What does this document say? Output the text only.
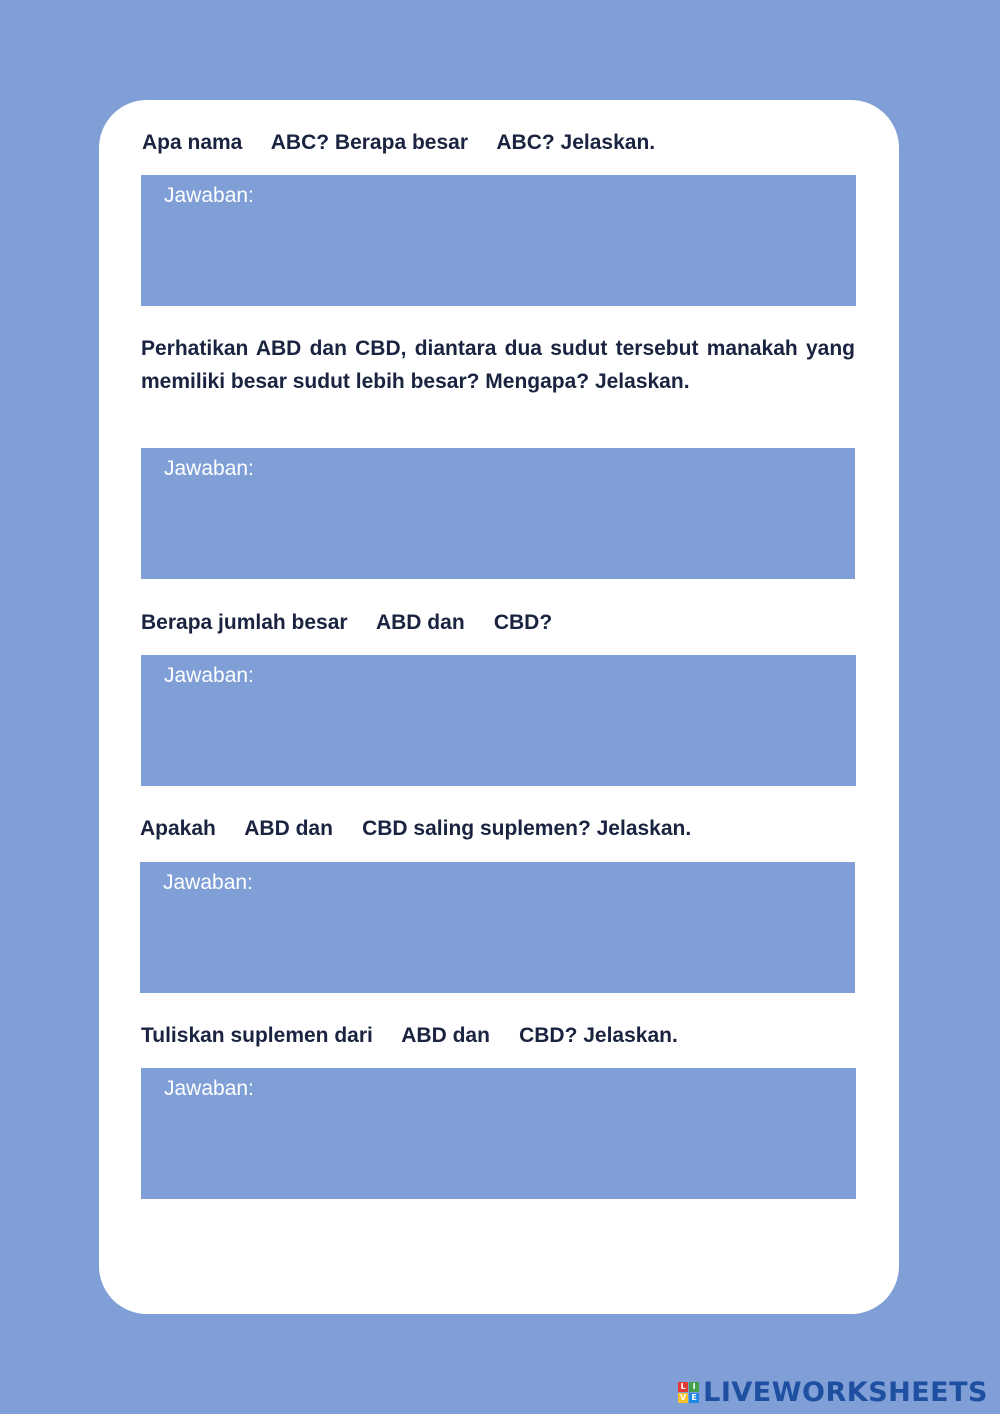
Apa nama     ABC? Berapa besar     ABC? Jelaskan.
Jawaban:
Perhatikan ABD dan CBD, diantara dua sudut tersebut manakah yang memiliki besar sudut lebih besar? Mengapa? Jelaskan.
Jawaban:
Berapa jumlah besar     ABD dan     CBD?
Jawaban:
Apakah     ABD dan     CBD saling suplemen? Jelaskan.
Jawaban:
Tuliskan suplemen dari     ABD dan     CBD? Jelaskan.
Jawaban:
L I
V E LIVEWORKSHEETS
